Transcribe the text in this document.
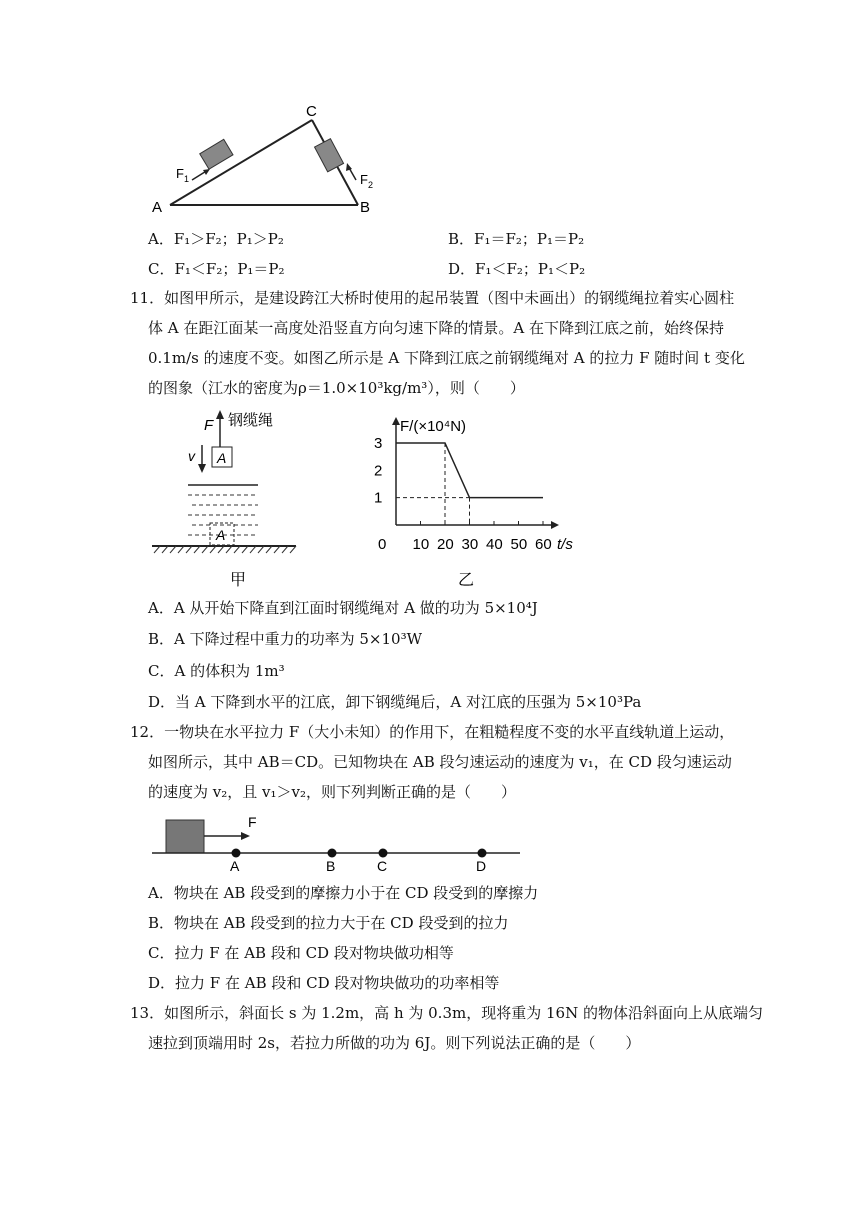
A	B
C
F 1	F 2
A．F₁＞F₂；P₁＞P₂	B．F₁＝F₂；P₁＝P₂
C．F₁＜F₂；P₁＝P₂	D．F₁＜F₂；P₁＜P₂
11．如图甲所示，是建设跨江大桥时使用的起吊装置（图中未画出）的钢缆绳拉着实心圆柱
体 A 在距江面某一高度处沿竖直方向匀速下降的情景。A 在下降到江底之前，始终保持
0.1m/s 的速度不变。如图乙所示是 A 下降到江底之前钢缆绳对 A 的拉力 F 随时间 t 变化
的图象（江水的密度为ρ＝1.0×10³kg/m³），则（　　）
F 钢缆绳
A
v
A
甲
F/(×10⁴N)
t/s
0 10 20 30 40 50 60
3
2
1
乙
A．A 从开始下降直到江面时钢缆绳对 A 做的功为 5×10⁴J
B．A 下降过程中重力的功率为 5×10³W
C．A 的体积为 1m³
D．当 A 下降到水平的江底，卸下钢缆绳后，A 对江底的压强为 5×10³Pa
12．一物块在水平拉力 F（大小未知）的作用下，在粗糙程度不变的水平直线轨道上运动，
如图所示，其中 AB＝CD。已知物块在 AB 段匀速运动的速度为 v₁，在 CD 段匀速运动
的速度为 v₂，且 v₁＞v₂，则下列判断正确的是（　　）
F
A	B	C	D
A．物块在 AB 段受到的摩擦力小于在 CD 段受到的摩擦力
B．物块在 AB 段受到的拉力大于在 CD 段受到的拉力
C．拉力 F 在 AB 段和 CD 段对物块做功相等
D．拉力 F 在 AB 段和 CD 段对物块做功的功率相等
13．如图所示，斜面长 s 为 1.2m，高 h 为 0.3m，现将重为 16N 的物体沿斜面向上从底端匀
速拉到顶端用时 2s，若拉力所做的功为 6J。则下列说法正确的是（　　）
